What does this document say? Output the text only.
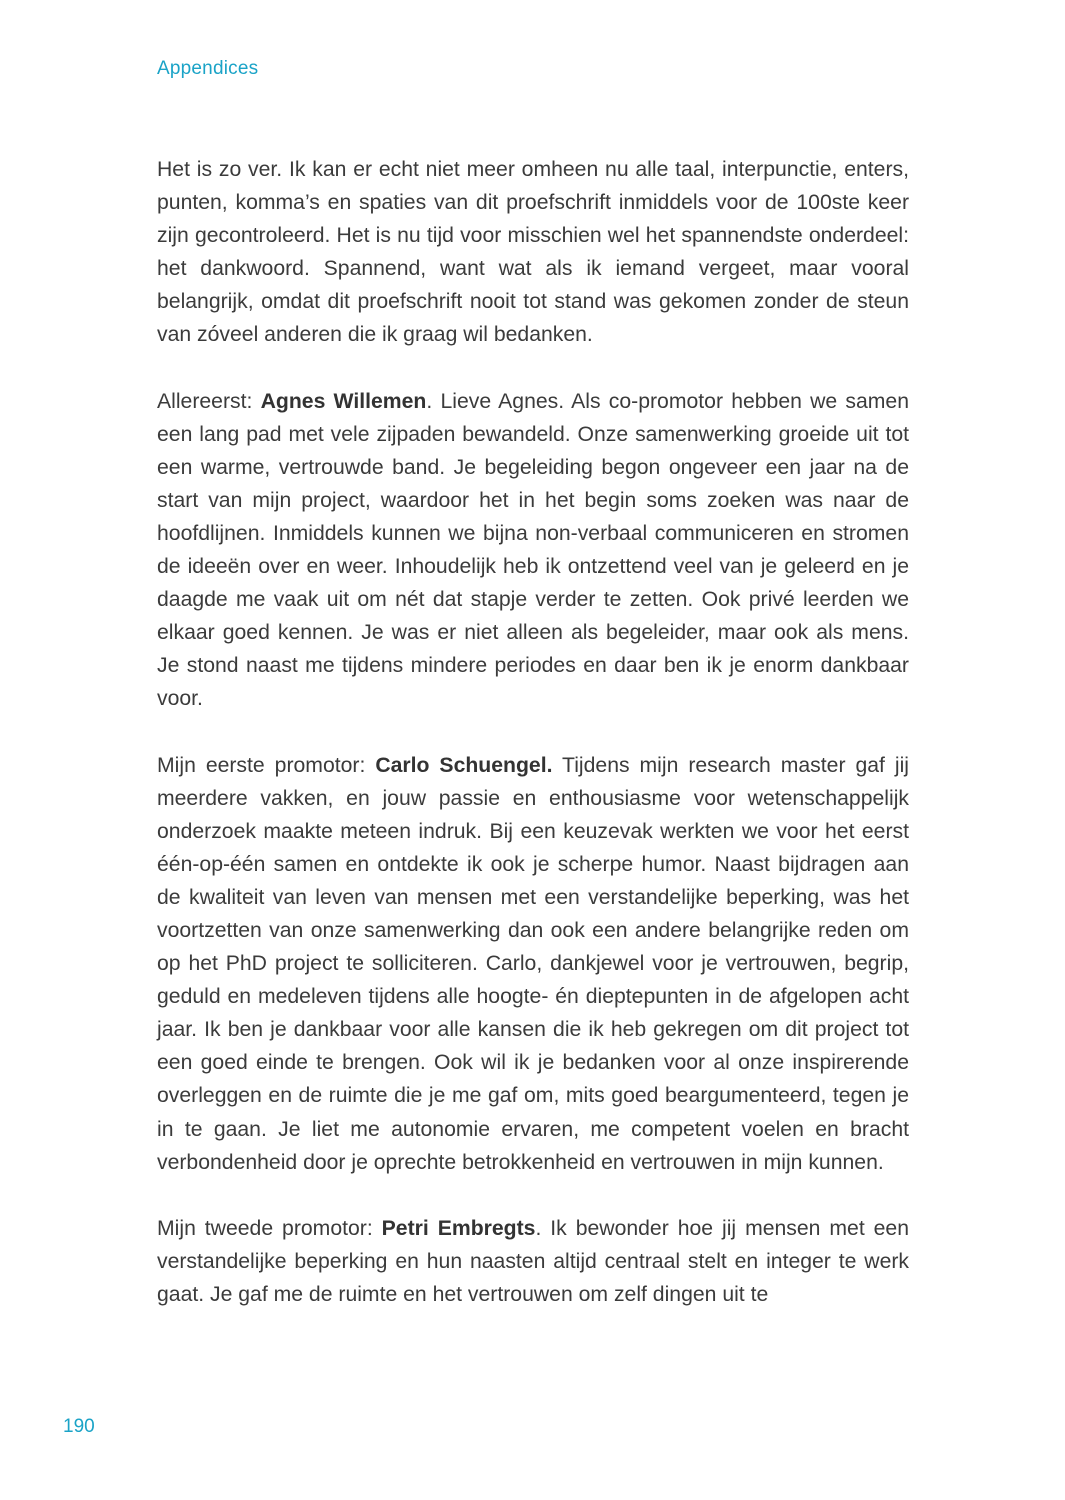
Appendices

Het is zo ver. Ik kan er echt niet meer omheen nu alle taal, interpunctie, enters, punten, komma’s en spaties van dit proefschrift inmiddels voor de 100ste keer zijn gecontroleerd. Het is nu tijd voor misschien wel het spannendste onderdeel: het dankwoord. Spannend, want wat als ik iemand vergeet, maar vooral belangrijk, omdat dit proefschrift nooit tot stand was gekomen zonder de steun van zóveel anderen die ik graag wil bedanken.

Allereerst: Agnes Willemen. Lieve Agnes. Als co-promotor hebben we samen een lang pad met vele zijpaden bewandeld. Onze samenwerking groeide uit tot een warme, vertrouwde band. Je begeleiding begon ongeveer een jaar na de start van mijn project, waardoor het in het begin soms zoeken was naar de hoofdlijnen. Inmiddels kunnen we bijna non-verbaal communiceren en stromen de ideeën over en weer. Inhoudelijk heb ik ontzettend veel van je geleerd en je daagde me vaak uit om nét dat stapje verder te zetten. Ook privé leerden we elkaar goed kennen. Je was er niet alleen als begeleider, maar ook als mens. Je stond naast me tijdens mindere periodes en daar ben ik je enorm dankbaar voor.

Mijn eerste promotor: Carlo Schuengel. Tijdens mijn research master gaf jij meerdere vakken, en jouw passie en enthousiasme voor wetenschappelijk onderzoek maakte meteen indruk. Bij een keuzevak werkten we voor het eerst één-op-één samen en ontdekte ik ook je scherpe humor. Naast bijdragen aan de kwaliteit van leven van mensen met een verstandelijke beperking, was het voortzetten van onze samenwerking dan ook een andere belangrijke reden om op het PhD project te solliciteren. Carlo, dankjewel voor je vertrouwen, begrip, geduld en medeleven tijdens alle hoogte- én dieptepunten in de afgelopen acht jaar. Ik ben je dankbaar voor alle kansen die ik heb gekregen om dit project tot een goed einde te brengen. Ook wil ik je bedanken voor al onze inspirerende overleggen en de ruimte die je me gaf om, mits goed beargumenteerd, tegen je in te gaan. Je liet me autonomie ervaren, me competent voelen en bracht verbondenheid door je oprechte betrokkenheid en vertrouwen in mijn kunnen.

Mijn tweede promotor: Petri Embregts. Ik bewonder hoe jij mensen met een verstandelijke beperking en hun naasten altijd centraal stelt en integer te werk gaat. Je gaf me de ruimte en het vertrouwen om zelf dingen uit te

190
